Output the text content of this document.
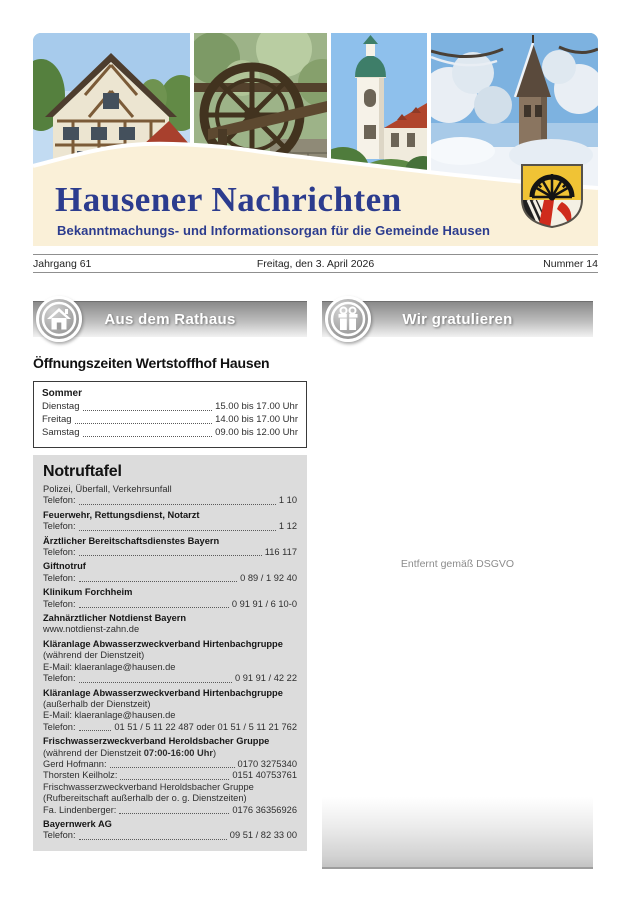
Hausener Nachrichten
Bekanntmachungs- und Informationsorgan für die Gemeinde Hausen
Jahrgang 61	Freitag, den 3. April 2026	Nummer 14
Aus dem Rathaus	Wir gratulieren
Öffnungszeiten Wertstoffhof Hausen
Sommer
Dienstag	15.00 bis 17.00 Uhr
Freitag	14.00 bis 17.00 Uhr
Samstag	09.00 bis 12.00 Uhr
Notruftafel
Polizei, Überfall, Verkehrsunfall
Telefon:	1 10
Feuerwehr, Rettungsdienst, Notarzt
Telefon:	1 12
Ärztlicher Bereitschaftsdienstes Bayern
Telefon:	116 117
Giftnotruf
Telefon:	0 89 / 1 92 40
Klinikum Forchheim
Telefon:	0 91 91 / 6 10-0
Zahnärztlicher Notdienst Bayern
www.notdienst-zahn.de
Kläranlage Abwasserzweckverband Hirtenbachgruppe
(während der Dienstzeit)
E-Mail: klaeranlage@hausen.de
Telefon:	0 91 91 / 42 22
Kläranlage Abwasserzweckverband Hirtenbachgruppe
(außerhalb der Dienstzeit)
E-Mail: klaeranlage@hausen.de
Telefon:	01 51 / 5 11 22 487 oder 01 51 / 5 11 21 762
Frischwasserzweckverband Heroldsbacher Gruppe
(während der Dienstzeit 07:00-16:00 Uhr)
Gerd Hofmann:	0170 3275340
Thorsten Keilholz:	0151 40753761
Frischwasserzweckverband Heroldsbacher Gruppe
(Rufbereitschaft außerhalb der o. g. Dienstzeiten)
Fa. Lindenberger:	0176 36356926
Bayernwerk AG
Telefon:	09 51 / 82 33 00
Entfernt gemäß DSGVO
